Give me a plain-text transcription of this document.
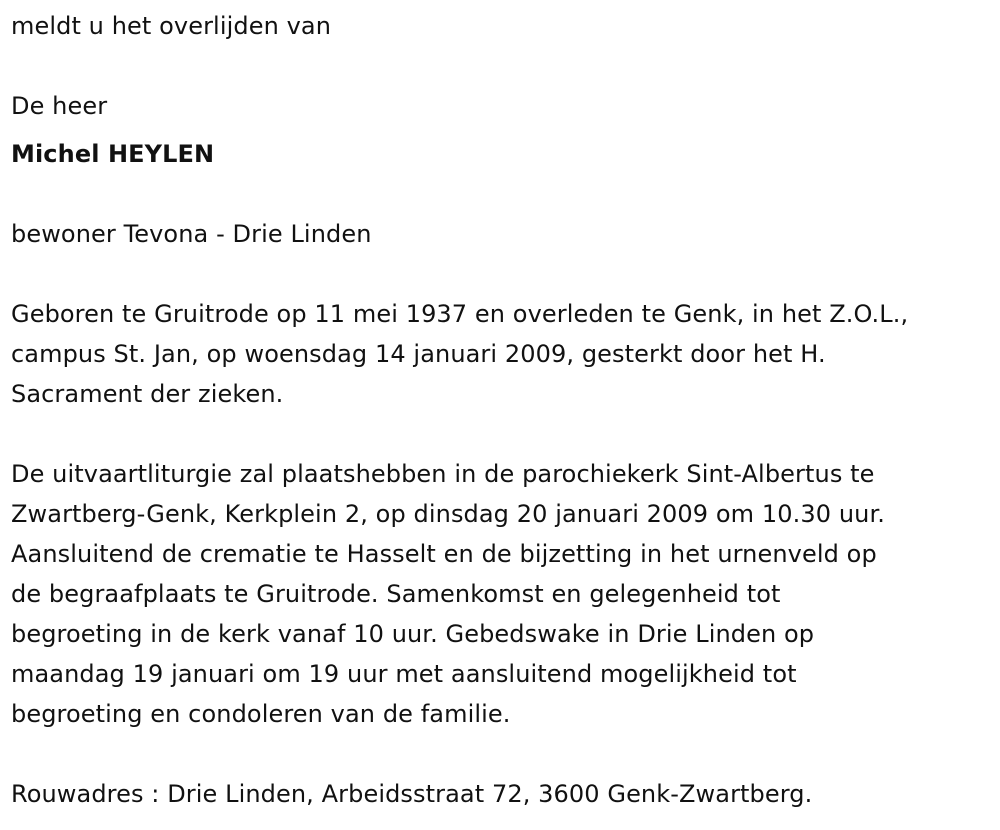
meldt u het overlijden van

De heer

Michel HEYLEN

bewoner Tevona - Drie Linden

Geboren te Gruitrode op 11 mei 1937 en overleden te Genk, in het Z.O.L.,

campus St. Jan, op woensdag 14 januari 2009, gesterkt door het H.

Sacrament der zieken.

De uitvaartliturgie zal plaatshebben in de parochiekerk Sint-Albertus te

Zwartberg-Genk, Kerkplein 2, op dinsdag 20 januari 2009 om 10.30 uur.

Aansluitend de crematie te Hasselt en de bijzetting in het urnenveld op

de begraafplaats te Gruitrode. Samenkomst en gelegenheid tot

begroeting in de kerk vanaf 10 uur. Gebedswake in Drie Linden op

maandag 19 januari om 19 uur met aansluitend mogelijkheid tot

begroeting en condoleren van de familie.

Rouwadres : Drie Linden, Arbeidsstraat 72, 3600 Genk-Zwartberg.
